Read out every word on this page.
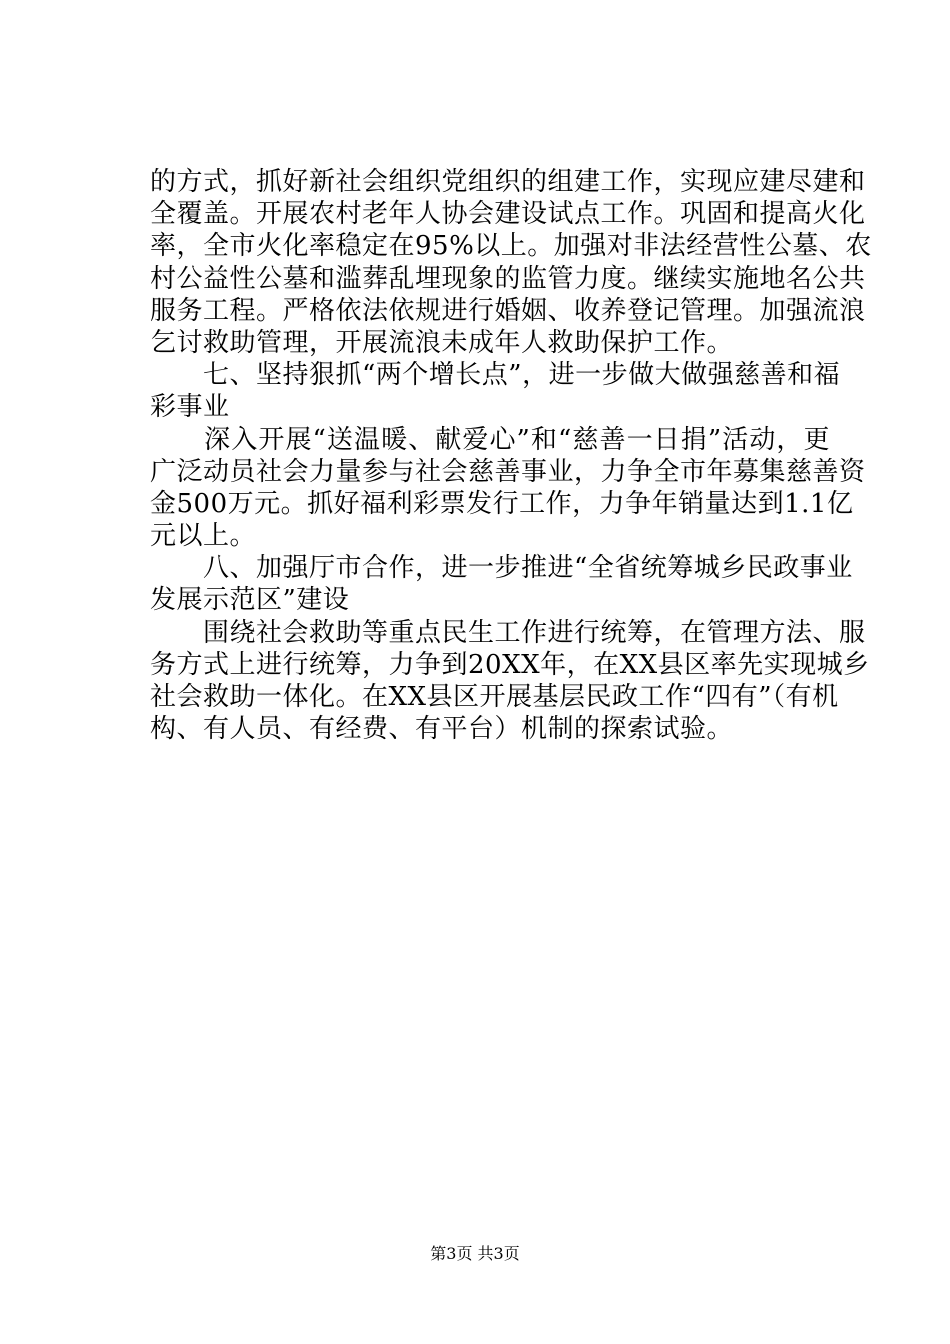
的方式，抓好新社会组织党组织的组建工作，实现应建尽建和
全覆盖。开展农村老年人协会建设试点工作。巩固和提高火化
率，全市火化率稳定在95%以上。加强对非法经营性公墓、农
村公益性公墓和滥葬乱埋现象的监管力度。继续实施地名公共
服务工程。严格依法依规进行婚姻、收养登记管理。加强流浪
乞讨救助管理，开展流浪未成年人救助保护工作。
　　七、坚持狠抓“两个增长点”，进一步做大做强慈善和福
彩事业
　　深入开展“送温暖、献爱心”和“慈善一日捐”活动，更
广泛动员社会力量参与社会慈善事业，力争全市年募集慈善资
金500万元。抓好福利彩票发行工作，力争年销量达到1.1亿
元以上。
　　八、加强厅市合作，进一步推进“全省统筹城乡民政事业
发展示范区”建设
　　围绕社会救助等重点民生工作进行统筹，在管理方法、服
务方式上进行统筹，力争到20XX年，在XX县区率先实现城乡
社会救助一体化。在XX县区开展基层民政工作“四有”（有机
构、有人员、有经费、有平台）机制的探索试验。
第3页 共3页
